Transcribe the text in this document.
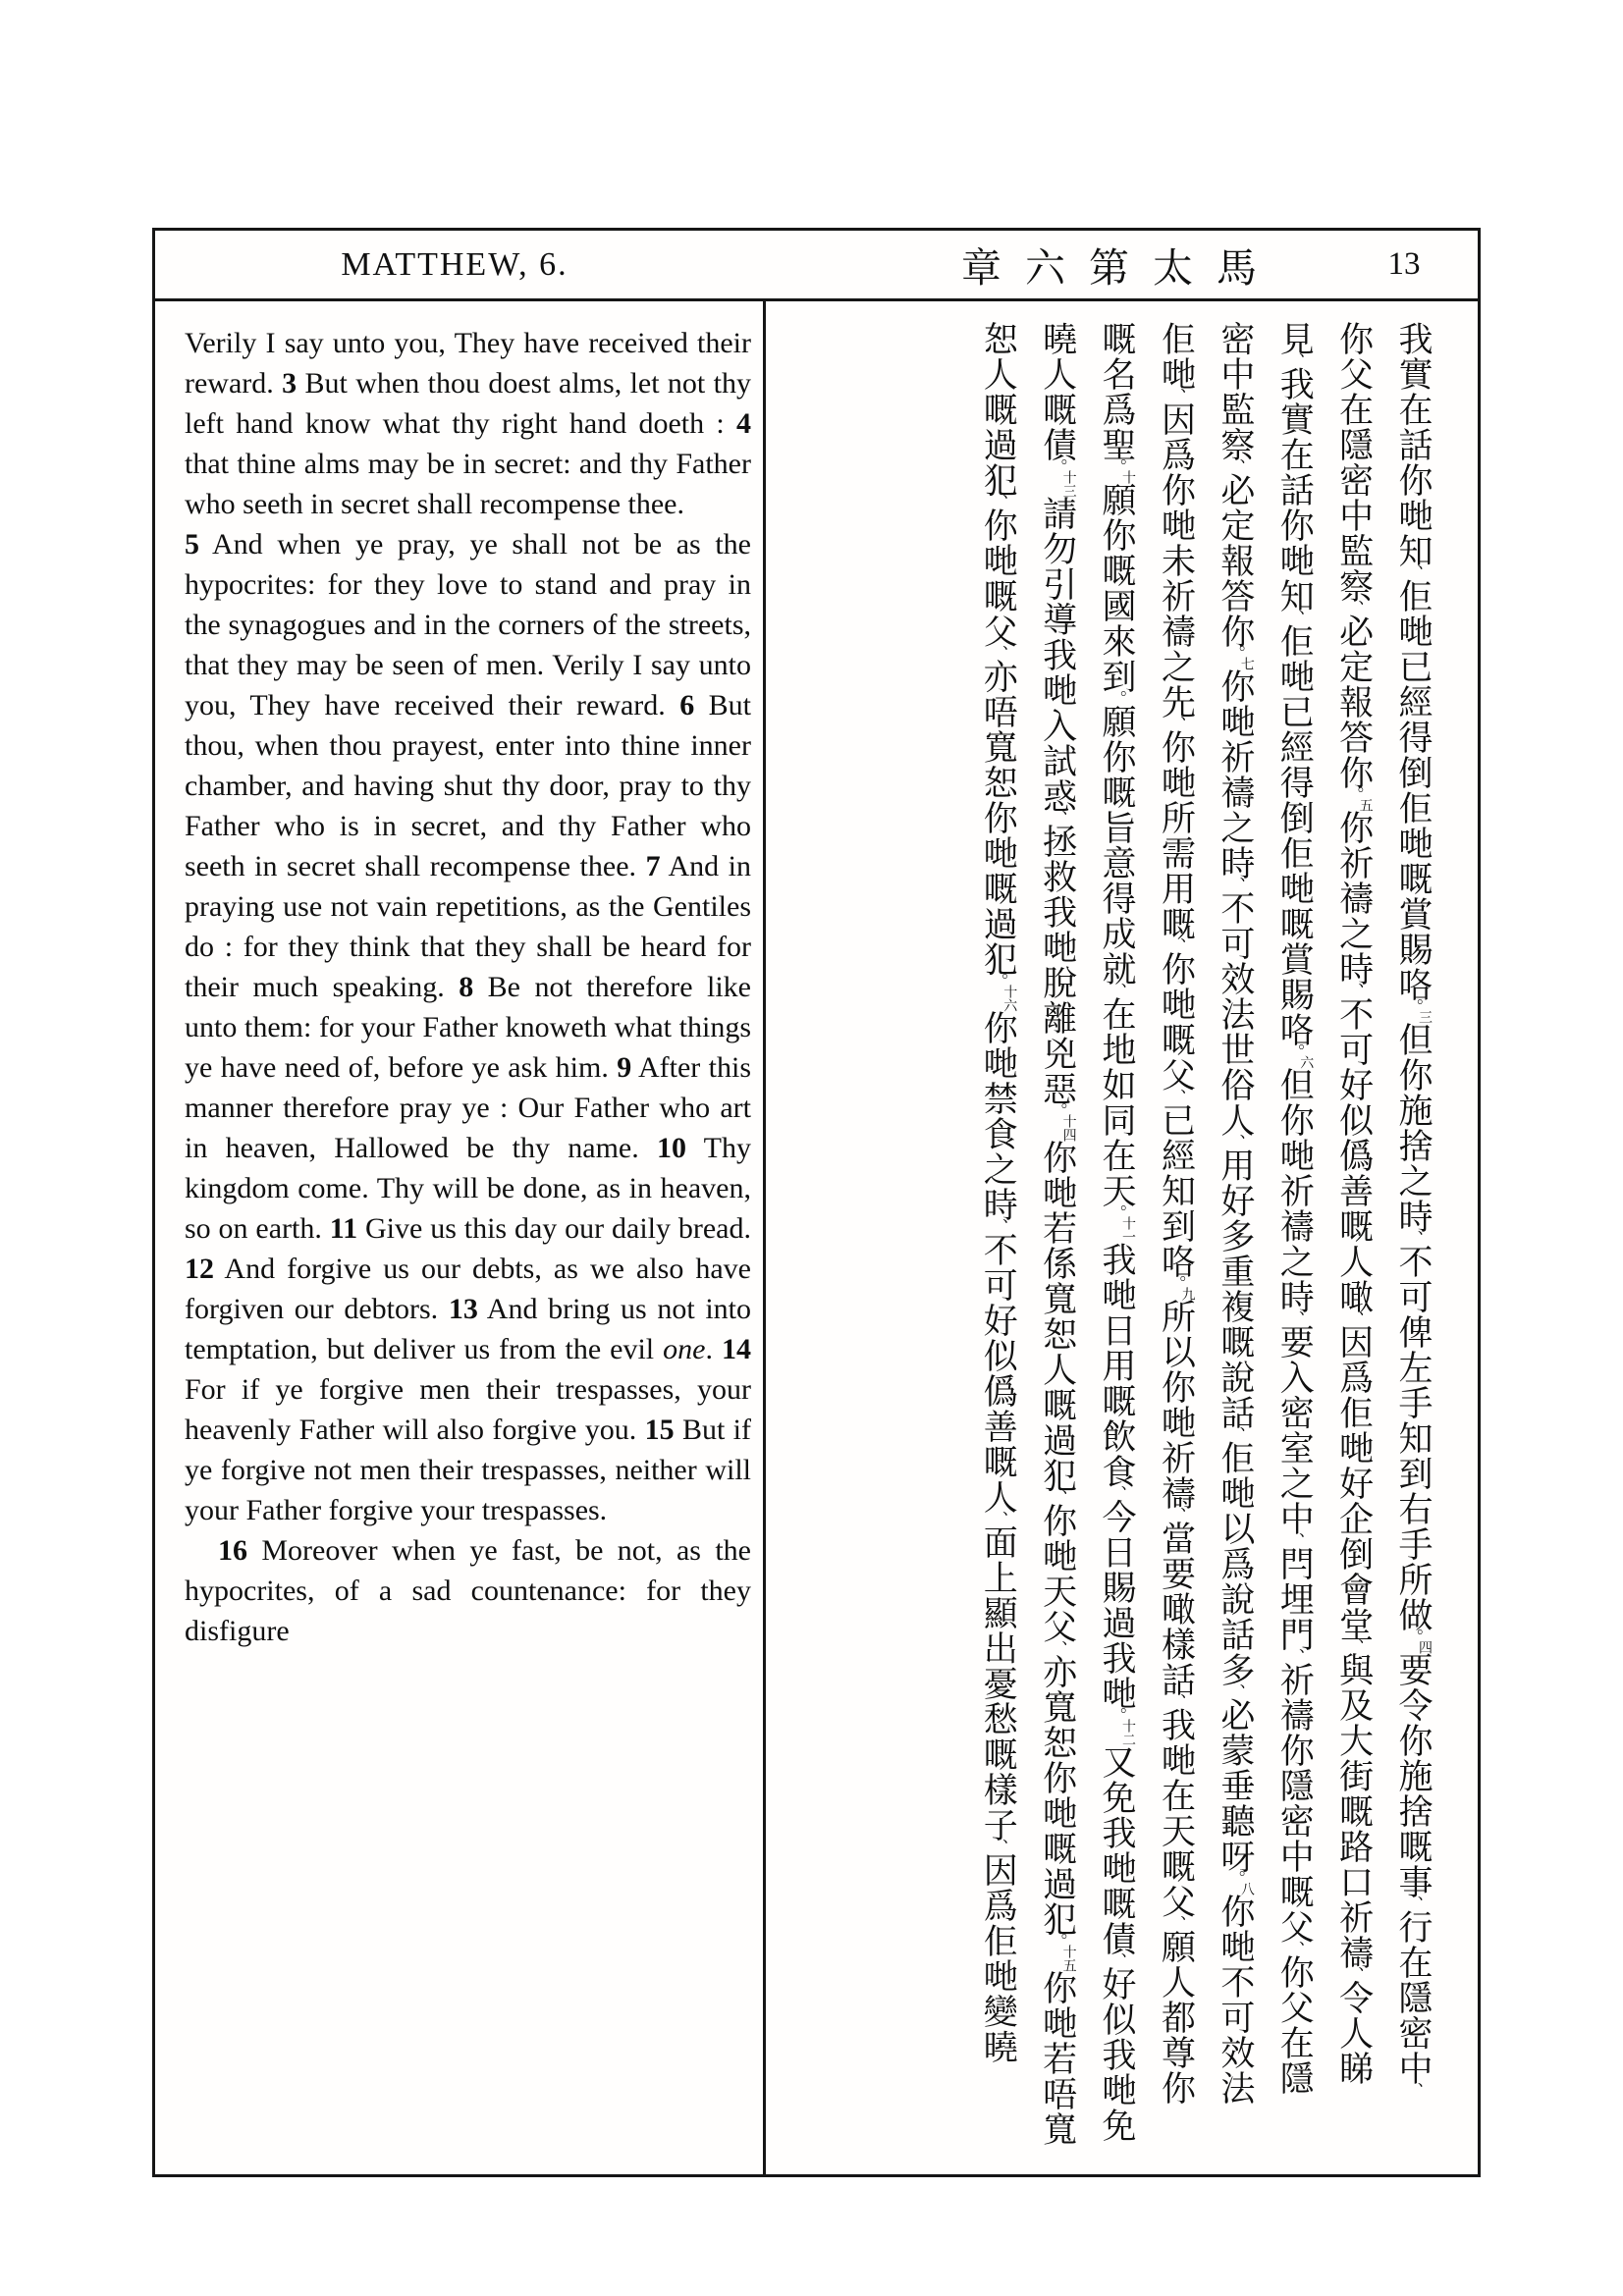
MATTHEW, 6.	章六第太馬	13

Verily I say unto you, They have received their reward. 3 But when thou doest alms, let not thy left hand know what thy right hand doeth : 4 that thine alms may be in secret: and thy Father who seeth in secret shall recompense thee.

5 And when ye pray, ye shall not be as the hypocrites: for they love to stand and pray in the synagogues and in the corners of the streets, that they may be seen of men. Verily I say unto you, They have received their reward. 6 But thou, when thou prayest, enter into thine inner chamber, and having shut thy door, pray to thy Father who is in secret, and thy Father who seeth in secret shall recompense thee. 7 And in praying use not vain repetitions, as the Gentiles do : for they think that they shall be heard for their much speaking. 8 Be not therefore like unto them: for your Father knoweth what things ye have need of, before ye ask him. 9 After this manner therefore pray ye : Our Father who art in heaven, Hallowed be thy name. 10 Thy kingdom come. Thy will be done, as in heaven, so on earth. 11 Give us this day our daily bread. 12 And forgive us our debts, as we also have forgiven our debtors. 13 And bring us not into temptation, but deliver us from the evil one. 14 For if ye forgive men their trespasses, your heavenly Father will also forgive you. 15 But if ye forgive not men their trespasses, neither will your Father forgive your trespasses.

16 Moreover when ye fast, be not, as the hypocrites, of a sad countenance: for they disfigure

我實在話你哋知、佢哋已經得倒佢哋嘅賞賜咯。三但你施捨之時、不可俾左手知到右手所做。四要令你施捨嘅事、行在隱密中、
你父在隱密中監察、必定報答你。五你祈禱之時、不可好似僞善嘅人噉、因爲佢哋好企倒會堂、與及大街嘅路口祈禱、令人睇
見、我實在話你哋知、佢哋已經得倒佢哋嘅賞賜咯。六但你哋祈禱之時、要入密室之中、閂埋門、祈禱你隱密中嘅父、你父在隱
密中監察、必定報答你。七你哋祈禱之時、不可效法世俗人、用好多重複嘅說話、佢哋以爲說話多、必蒙垂聽呀。八你哋不可效法
佢哋、因爲你哋未祈禱之先、你哋所需用嘅、你哋嘅父、已經知到咯。九所以你哋祈禱、當要噉樣話、我哋在天嘅父、願人都尊你
嘅名爲聖。十願你嘅國來到。願你嘅旨意得成就、在地如同在天。十一我哋日用嘅飲食、今日賜過我哋。十二又免我哋嘅債、好似我哋免
曉人嘅債。十三請勿引導我哋入試惑、拯救我哋脫離兇惡。十四你哋若係寬恕人嘅過犯、你哋天父、亦寬恕你哋嘅過犯。十五你哋若唔寬
恕人嘅過犯、你哋嘅父、亦唔寬恕你哋嘅過犯。十六你哋禁食之時、不可好似僞善嘅人、面上顯出憂愁嘅樣子、因爲佢哋變曉
